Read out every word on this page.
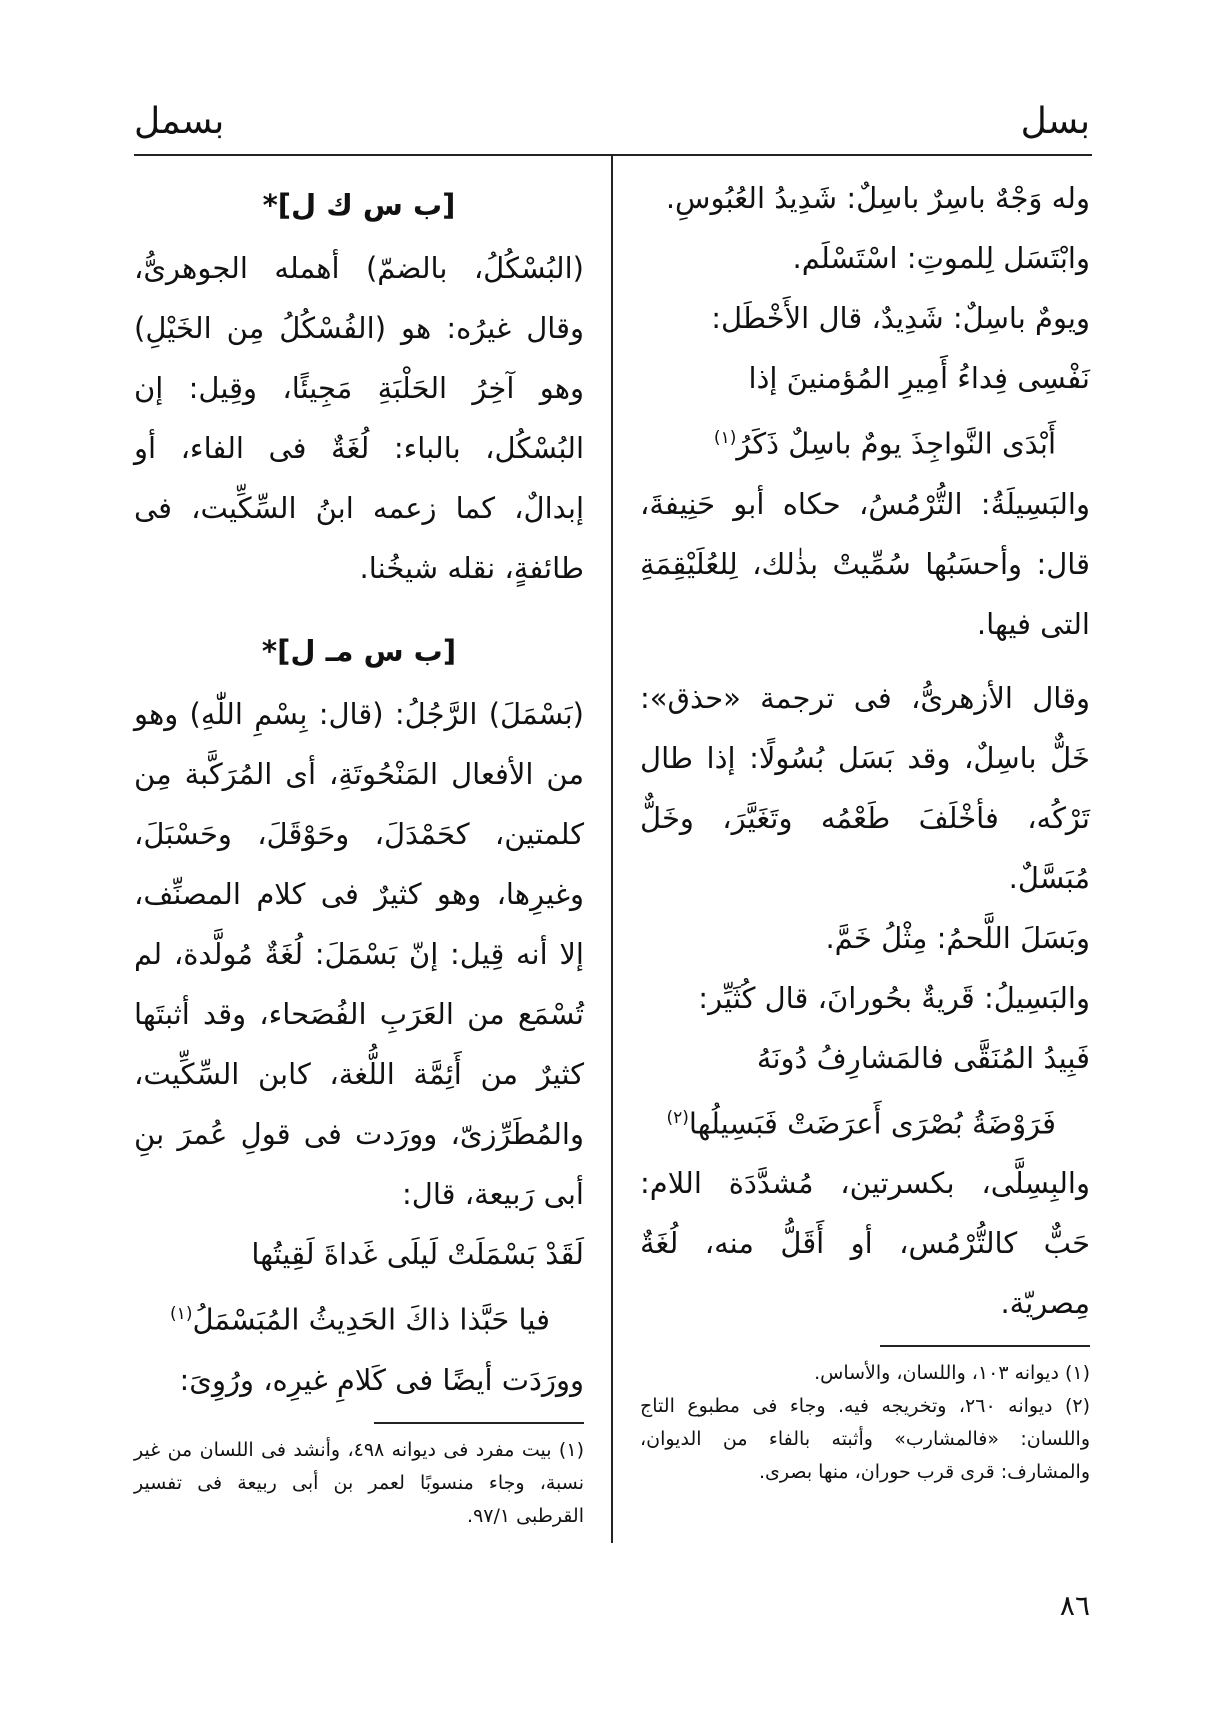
بسل
بسمل

وله وَجْهٌ باسِرٌ باسِلٌ: شَدِيدُ العُبُوسِ.

وابْتَسَل لِلموتِ: اسْتَسْلَم.

ويومٌ باسِلٌ: شَدِيدٌ، قال الأَخْطَل:

نَفْسِى فِداءُ أَمِيرِ المُؤمنينَ إذا

أَبْدَى النَّواجِذَ يومٌ باسِلٌ ذَكَرُ$^{(١)}$

والبَسِيلَةُ: التُّرْمُسُ، حكاه أبو حَنِيفةَ، قال: وأحسَبُها سُمِّيتْ بذٰلك، لِلعُلَيْقِمَةِ التى فيها.

وقال الأزهرىُّ، فى ترجمة «حذق»: خَلٌّ باسِلٌ، وقد بَسَل بُسُولًا: إذا طال تَرْكُه، فأخْلَفَ طَعْمُه وتَغَيَّرَ، وخَلٌّ مُبَسَّلٌ.

وبَسَلَ اللَّحمُ: مِثْلُ خَمَّ.

والبَسِيلُ: قَريةٌ بحُورانَ، قال كُثَيِّر:

فَبِيدُ المُنَقَّى فالمَشارِفُ دُونَهُ

فَرَوْضَةُ بُصْرَى أَعرَضَتْ فَبَسِيلُها$^{(٢)}$

والبِسِلَّى، بكسرتين، مُشدَّدَة اللام: حَبٌّ كالتُّرْمُس، أو أَقَلُّ منه، لُغَةٌ مِصريّة.

(١) ديوانه ١٠٣، واللسان، والأساس.

(٢) ديوانه ٢٦٠، وتخريجه فيه. وجاء فى مطبوع التاج واللسان: «فالمشارب» وأثبته بالفاء من الديوان، والمشارف: قرى قرب حوران، منها بصرى.

[ب س ك ل]*

(البُسْكُلُ، بالضمّ) أهمله الجوهرىُّ، وقال غيرُه: هو (الفُسْكُلُ مِن الخَيْلِ) وهو آخِرُ الحَلْبَةِ مَجِيئًا، وقِيل: إن البُسْكُل، بالباء: لُغَةٌ فى الفاء، أو إبدالٌ، كما زعمه ابنُ السِّكِّيت، فى طائفةٍ، نقله شيخُنا.

[ب س مـ ل]*

(بَسْمَلَ) الرَّجُلُ: (قال: بِسْمِ اللّٰهِ) وهو من الأفعال المَنْحُوتَةِ، أى المُرَكَّبة مِن كلمتين، كحَمْدَلَ، وحَوْقَلَ، وحَسْبَلَ، وغيرِها، وهو كثيرٌ فى كلام المصنِّف، إلا أنه قِيل: إنّ بَسْمَلَ: لُغَةٌ مُولَّدة، لم تُسْمَع من العَرَبِ الفُصَحاء، وقد أثبتَها كثيرٌ من أَئِمَّة اللُّغة، كابن السِّكِّيت، والمُطَرِّزىّ، وورَدت فى قولِ عُمرَ بنِ أبى رَبيعة، قال:

لَقَدْ بَسْمَلَتْ لَيلَى غَداةَ لَقِيتُها

فيا حَبَّذا ذاكَ الحَدِيثُ المُبَسْمَلُ$^{(١)}$

وورَدَت أيضًا فى كَلامِ غيرِه، ورُوِىَ:

(١) بيت مفرد فى ديوانه ٤٩٨، وأنشد فى اللسان من غير نسبة، وجاء منسوبًا لعمر بن أبى ربيعة فى تفسير القرطبى ٩٧/١.

٨٦
